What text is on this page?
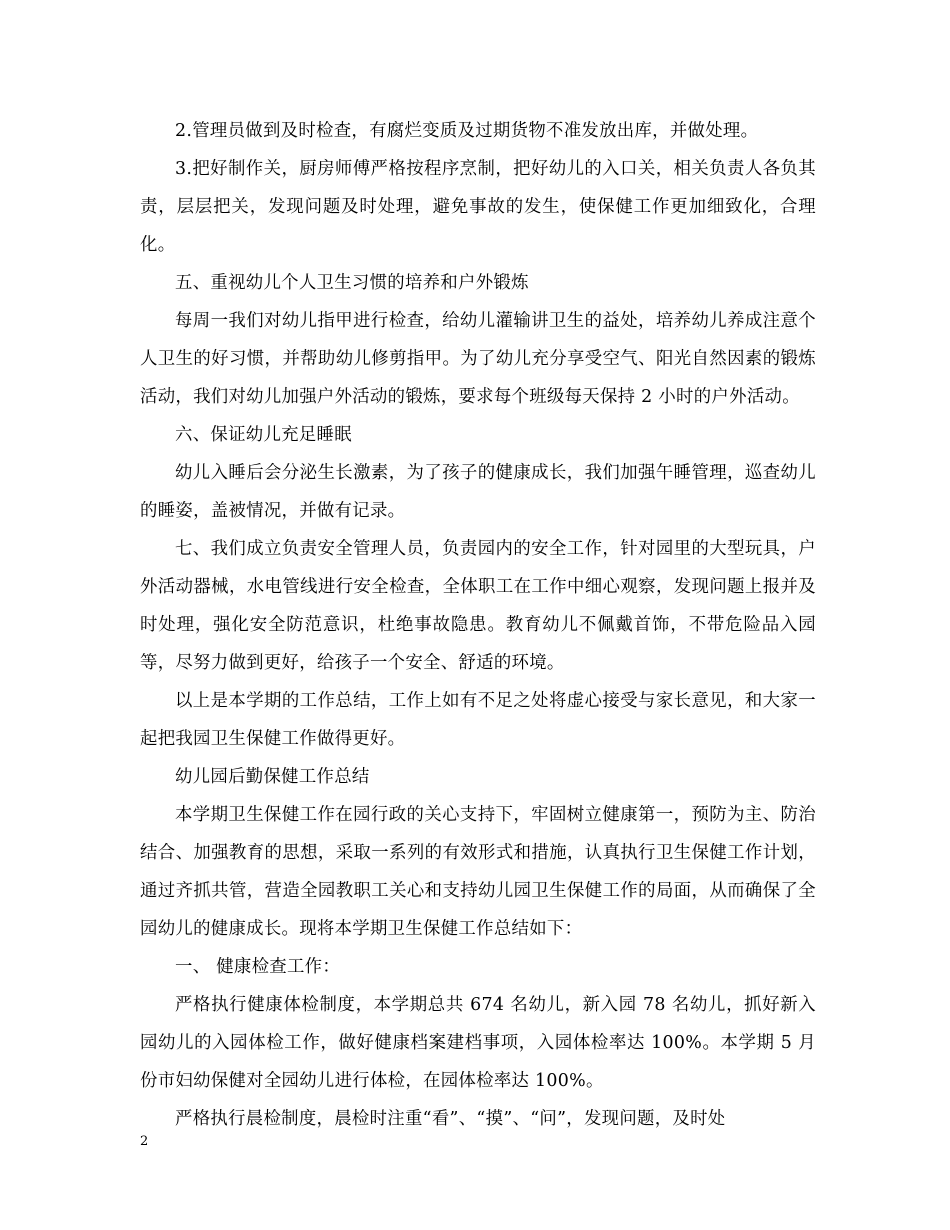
2.管理员做到及时检查，有腐烂变质及过期货物不准发放出库，并做处理。

3.把好制作关，厨房师傅严格按程序烹制，把好幼儿的入口关，相关负责人各负其责，层层把关，发现问题及时处理，避免事故的发生，使保健工作更加细致化，合理化。

五、重视幼儿个人卫生习惯的培养和户外锻炼

每周一我们对幼儿指甲进行检查，给幼儿灌输讲卫生的益处，培养幼儿养成注意个人卫生的好习惯，并帮助幼儿修剪指甲。为了幼儿充分享受空气、阳光自然因素的锻炼活动，我们对幼儿加强户外活动的锻炼，要求每个班级每天保持 2 小时的户外活动。

六、保证幼儿充足睡眠

幼儿入睡后会分泌生长激素，为了孩子的健康成长，我们加强午睡管理，巡查幼儿的睡姿，盖被情况，并做有记录。

七、我们成立负责安全管理人员，负责园内的安全工作，针对园里的大型玩具，户外活动器械，水电管线进行安全检查，全体职工在工作中细心观察，发现问题上报并及时处理，强化安全防范意识，杜绝事故隐患。教育幼儿不佩戴首饰，不带危险品入园等，尽努力做到更好，给孩子一个安全、舒适的环境。

以上是本学期的工作总结，工作上如有不足之处将虚心接受与家长意见，和大家一起把我园卫生保健工作做得更好。

幼儿园后勤保健工作总结

本学期卫生保健工作在园行政的关心支持下，牢固树立健康第一，预防为主、防治结合、加强教育的思想，采取一系列的有效形式和措施，认真执行卫生保健工作计划，通过齐抓共管，营造全园教职工关心和支持幼儿园卫生保健工作的局面，从而确保了全园幼儿的健康成长。现将本学期卫生保健工作总结如下：

一、 健康检查工作：

严格执行健康体检制度，本学期总共 674 名幼儿，新入园 78 名幼儿，抓好新入园幼儿的入园体检工作，做好健康档案建档事项，入园体检率达 100%。本学期 5 月份市妇幼保健对全园幼儿进行体检，在园体检率达 100%。

严格执行晨检制度，晨检时注重“看”、“摸”、“问”，发现问题，及时处

2
